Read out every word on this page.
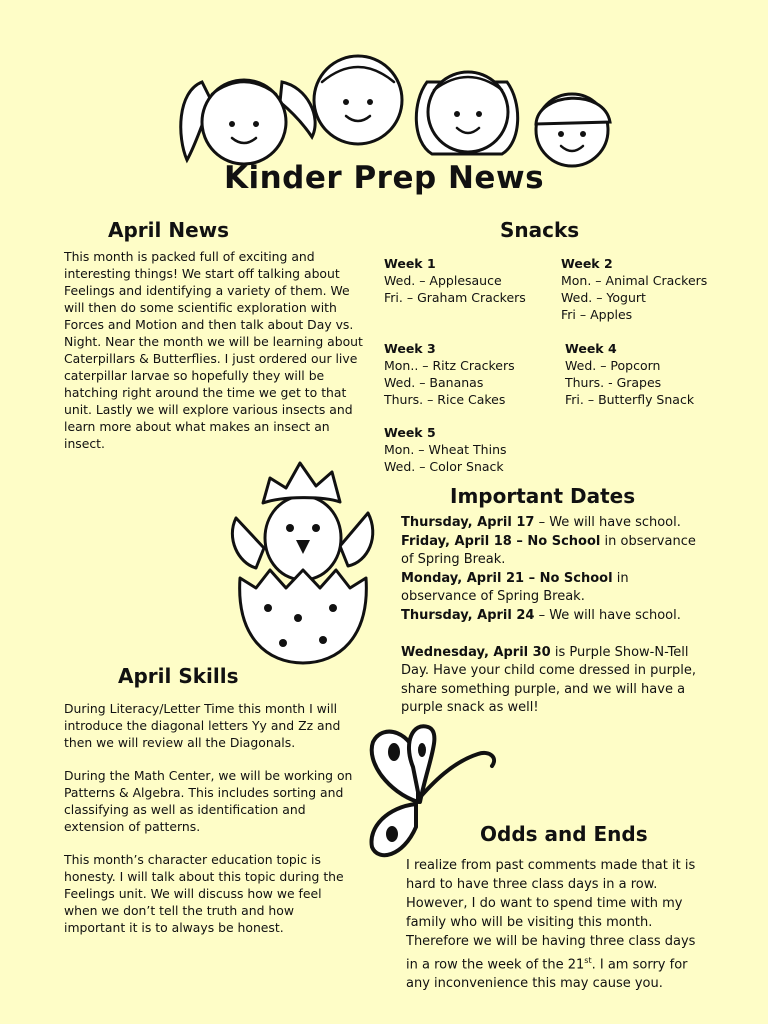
Kinder Prep News
April News
This month is packed full of exciting and interesting things! We start off talking about Feelings and identifying a variety of them. We will then do some scientific exploration with Forces and Motion and then talk about Day vs. Night. Near the month we will be learning about Caterpillars & Butterflies. I just ordered our live caterpillar larvae so hopefully they will be hatching right around the time we get to that unit. Lastly we will explore various insects and learn more about what makes an insect an insect.
Snacks
Week 1
Wed. – Applesauce
Fri. – Graham Crackers
Week 2
Mon. – Animal Crackers
Wed. – Yogurt
Fri – Apples
Week 3
Mon.. – Ritz Crackers
Wed. – Bananas
Thurs. – Rice Cakes
Week 4
Wed. – Popcorn
Thurs. - Grapes
Fri. – Butterfly Snack
Week 5
Mon. – Wheat Thins
Wed. – Color Snack
Important Dates
Thursday, April 17 – We will have school.
Friday, April 18 – No School in observance of Spring Break.
Monday, April 21 – No School in observance of Spring Break.
Thursday, April 24 – We will have school.
Wednesday, April 30 is Purple Show-N-Tell Day. Have your child come dressed in purple, share something purple, and we will have a purple snack as well!
April Skills

During Literacy/Letter Time this month I will introduce the diagonal letters Yy and Zz and then we will review all the Diagonals.

During the Math Center, we will be working on Patterns & Algebra. This includes sorting and classifying as well as identification and extension of patterns.

This month’s character education topic is honesty. I will talk about this topic during the Feelings unit. We will discuss how we feel when we don’t tell the truth and how important it is to always be honest.

Odds and Ends
I realize from past comments made that it is hard to have three class days in a row. However, I do want to spend time with my family who will be visiting this month. Therefore we will be having three class days in a row the week of the 21st. I am sorry for any inconvenience this may cause you.
